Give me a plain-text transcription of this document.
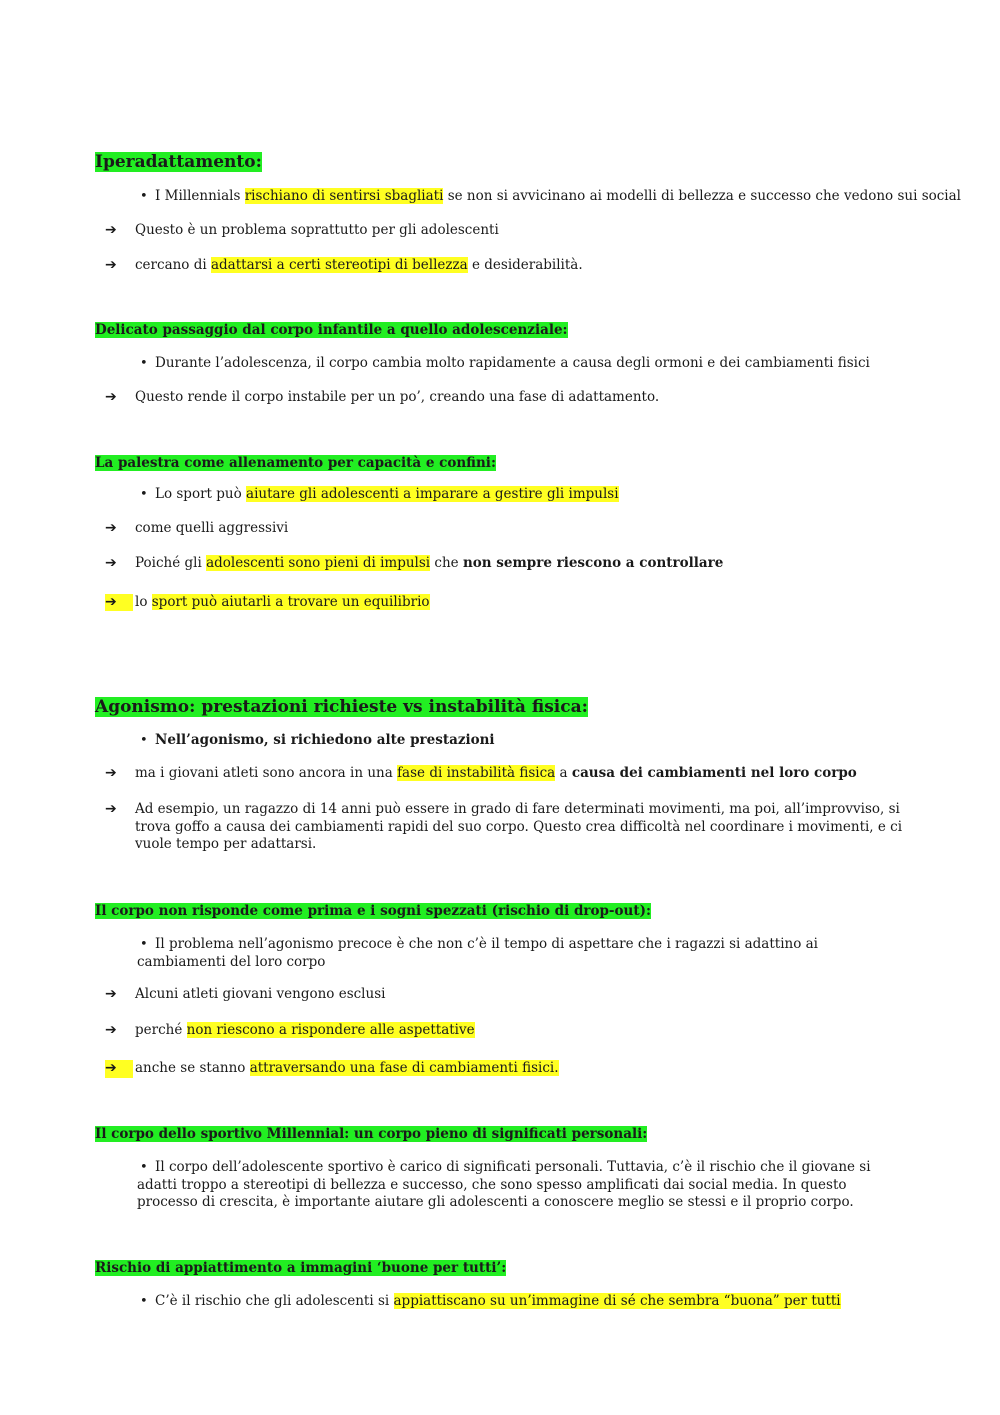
Iperadattamento:

• I Millennials rischiano di sentirsi sbagliati se non si avvicinano ai modelli di bellezza e successo che vedono sui social

➔	Questo è un problema soprattutto per gli adolescenti

➔	cercano di adattarsi a certi stereotipi di bellezza e desiderabilità.

Delicato passaggio dal corpo infantile a quello adolescenziale:

• Durante l’adolescenza, il corpo cambia molto rapidamente a causa degli ormoni e dei cambiamenti fisici

➔	Questo rende il corpo instabile per un po’, creando una fase di adattamento.

La palestra come allenamento per capacità e confini:

• Lo sport può aiutare gli adolescenti a imparare a gestire gli impulsi

➔	come quelli aggressivi

➔	Poiché gli adolescenti sono pieni di impulsi che non sempre riescono a controllare

➔	lo sport può aiutarli a trovare un equilibrio

Agonismo: prestazioni richieste vs instabilità fisica:

• Nell’agonismo, si richiedono alte prestazioni

➔	ma i giovani atleti sono ancora in una fase di instabilità fisica a causa dei cambiamenti nel loro corpo

➔	Ad esempio, un ragazzo di 14 anni può essere in grado di fare determinati movimenti, ma poi, all’improvviso, si trova goffo a causa dei cambiamenti rapidi del suo corpo. Questo crea difficoltà nel coordinare i movimenti, e ci vuole tempo per adattarsi.

Il corpo non risponde come prima e i sogni spezzati (rischio di drop-out):

• Il problema nell’agonismo precoce è che non c’è il tempo di aspettare che i ragazzi si adattino ai cambiamenti del loro corpo

➔	Alcuni atleti giovani vengono esclusi

➔	perché non riescono a rispondere alle aspettative

➔	anche se stanno attraversando una fase di cambiamenti fisici.

Il corpo dello sportivo Millennial: un corpo pieno di significati personali:

• Il corpo dell’adolescente sportivo è carico di significati personali. Tuttavia, c’è il rischio che il giovane si adatti troppo a stereotipi di bellezza e successo, che sono spesso amplificati dai social media. In questo processo di crescita, è importante aiutare gli adolescenti a conoscere meglio se stessi e il proprio corpo.

Rischio di appiattimento a immagini ‘buone per tutti’:

• C’è il rischio che gli adolescenti si appiattiscano su un’immagine di sé che sembra “buona” per tutti
